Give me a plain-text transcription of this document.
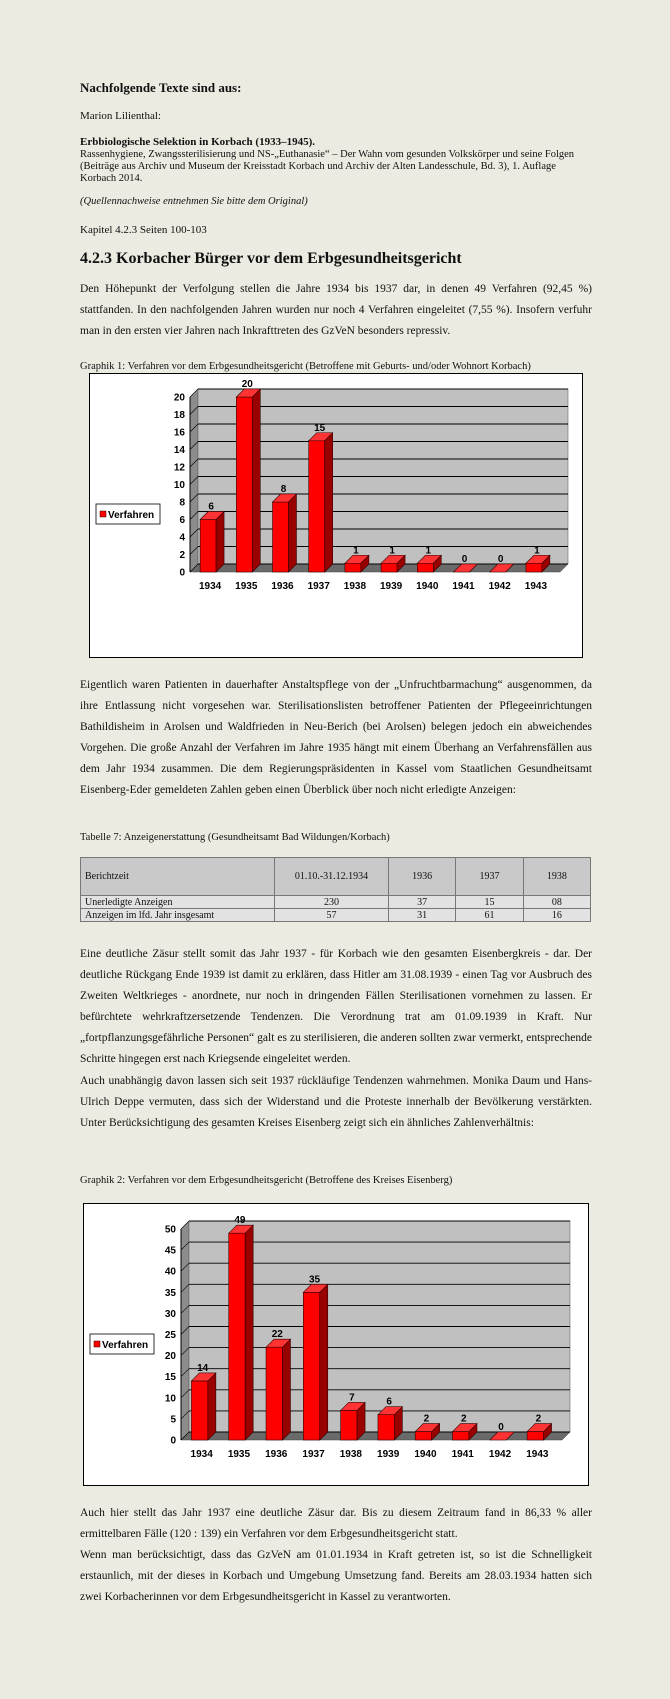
Nachfolgende Texte sind aus:
Marion Lilienthal:
Erbbiologische Selektion in Korbach (1933–1945).
Rassenhygiene, Zwangssterilisierung und NS-„Euthanasie“ – Der Wahn vom gesunden Volkskörper und seine Folgen
(Beiträge aus Archiv und Museum der Kreisstadt Korbach und Archiv der Alten Landesschule, Bd. 3), 1. Auflage Korbach 2014.
(Quellennachweise entnehmen Sie bitte dem Original)
Kapitel 4.2.3 Seiten 100-103
4.2.3 Korbacher Bürger vor dem Erbgesundheitsgericht
Den Höhepunkt der Verfolgung stellen die Jahre 1934 bis 1937 dar, in denen 49 Verfahren (92,45 %) stattfanden. In den nachfolgenden Jahren wurden nur noch 4 Verfahren eingeleitet (7,55 %). Insofern verfuhr man in den ersten vier Jahren nach Inkrafttreten des GzVeN besonders repressiv.
Graphik 1: Verfahren vor dem Erbgesundheitsgericht (Betroffene mit Geburts- und/oder Wohnort Korbach)
0
2
4
6
8
10
12
14
16
18
20
6
1934
20
1935
8
1936
15
1937
1
1938
1
1939
1
1940
0
1941
0
1942
1
1943
Verfahren
Eigentlich waren Patienten in dauerhafter Anstaltspflege von der „Unfruchtbarmachung“ ausgenommen, da ihre Entlassung nicht vorgesehen war. Sterilisationslisten betroffener Patienten der Pflegeeinrichtungen Bathildisheim in Arolsen und Waldfrieden in Neu-Berich (bei Arolsen) belegen jedoch ein abweichendes Vorgehen. Die große Anzahl der Verfahren im Jahre 1935 hängt mit einem Überhang an Verfahrensfällen aus dem Jahr 1934 zusammen. Die dem Regierungspräsidenten in Kassel vom Staatlichen Gesundheitsamt Eisenberg-Eder gemeldeten Zahlen geben einen Überblick über noch nicht erledigte Anzeigen:
Tabelle 7: Anzeigenerstattung (Gesundheitsamt Bad Wildungen/Korbach)
Berichtzeit	01.10.-31.12.1934	1936	1937	1938
Unerledigte Anzeigen	230	37	15	08
Anzeigen im lfd. Jahr insgesamt	57	31	61	16
Eine deutliche Zäsur stellt somit das Jahr 1937 - für Korbach wie den gesamten Eisenbergkreis - dar. Der deutliche Rückgang Ende 1939 ist damit zu erklären, dass Hitler am 31.08.1939 - einen Tag vor Ausbruch des Zweiten Weltkrieges - anordnete, nur noch in dringenden Fällen Sterilisationen vornehmen zu lassen. Er befürchtete wehrkraftzersetzende Tendenzen. Die Verordnung trat am 01.09.1939 in Kraft. Nur „fortpflanzungsgefährliche Personen“ galt es zu sterilisieren, die anderen sollten zwar vermerkt, entsprechende Schritte hingegen erst nach Kriegsende eingeleitet werden.
Auch unabhängig davon lassen sich seit 1937 rückläufige Tendenzen wahrnehmen. Monika Daum und Hans-Ulrich Deppe vermuten, dass sich der Widerstand und die Proteste innerhalb der Bevölkerung verstärkten. Unter Berücksichtigung des gesamten Kreises Eisenberg zeigt sich ein ähnliches Zahlenverhältnis:
Graphik 2: Verfahren vor dem Erbgesundheitsgericht (Betroffene des Kreises Eisenberg)
0
5
10
15
20
25
30
35
40
45
50
14
1934
49
1935
22
1936
35
1937
7
1938
6
1939
2
1940
2
1941
0
1942
2
1943
Verfahren
Auch hier stellt das Jahr 1937 eine deutliche Zäsur dar. Bis zu diesem Zeitraum fand in 86,33 % aller ermittelbaren Fälle (120 : 139) ein Verfahren vor dem Erbgesundheitsgericht statt.
Wenn man berücksichtigt, dass das GzVeN am 01.01.1934 in Kraft getreten ist, so ist die Schnelligkeit erstaunlich, mit der dieses in Korbach und Umgebung Umsetzung fand. Bereits am 28.03.1934 hatten sich zwei Korbacherinnen vor dem Erbgesundheitsgericht in Kassel zu verantworten.
